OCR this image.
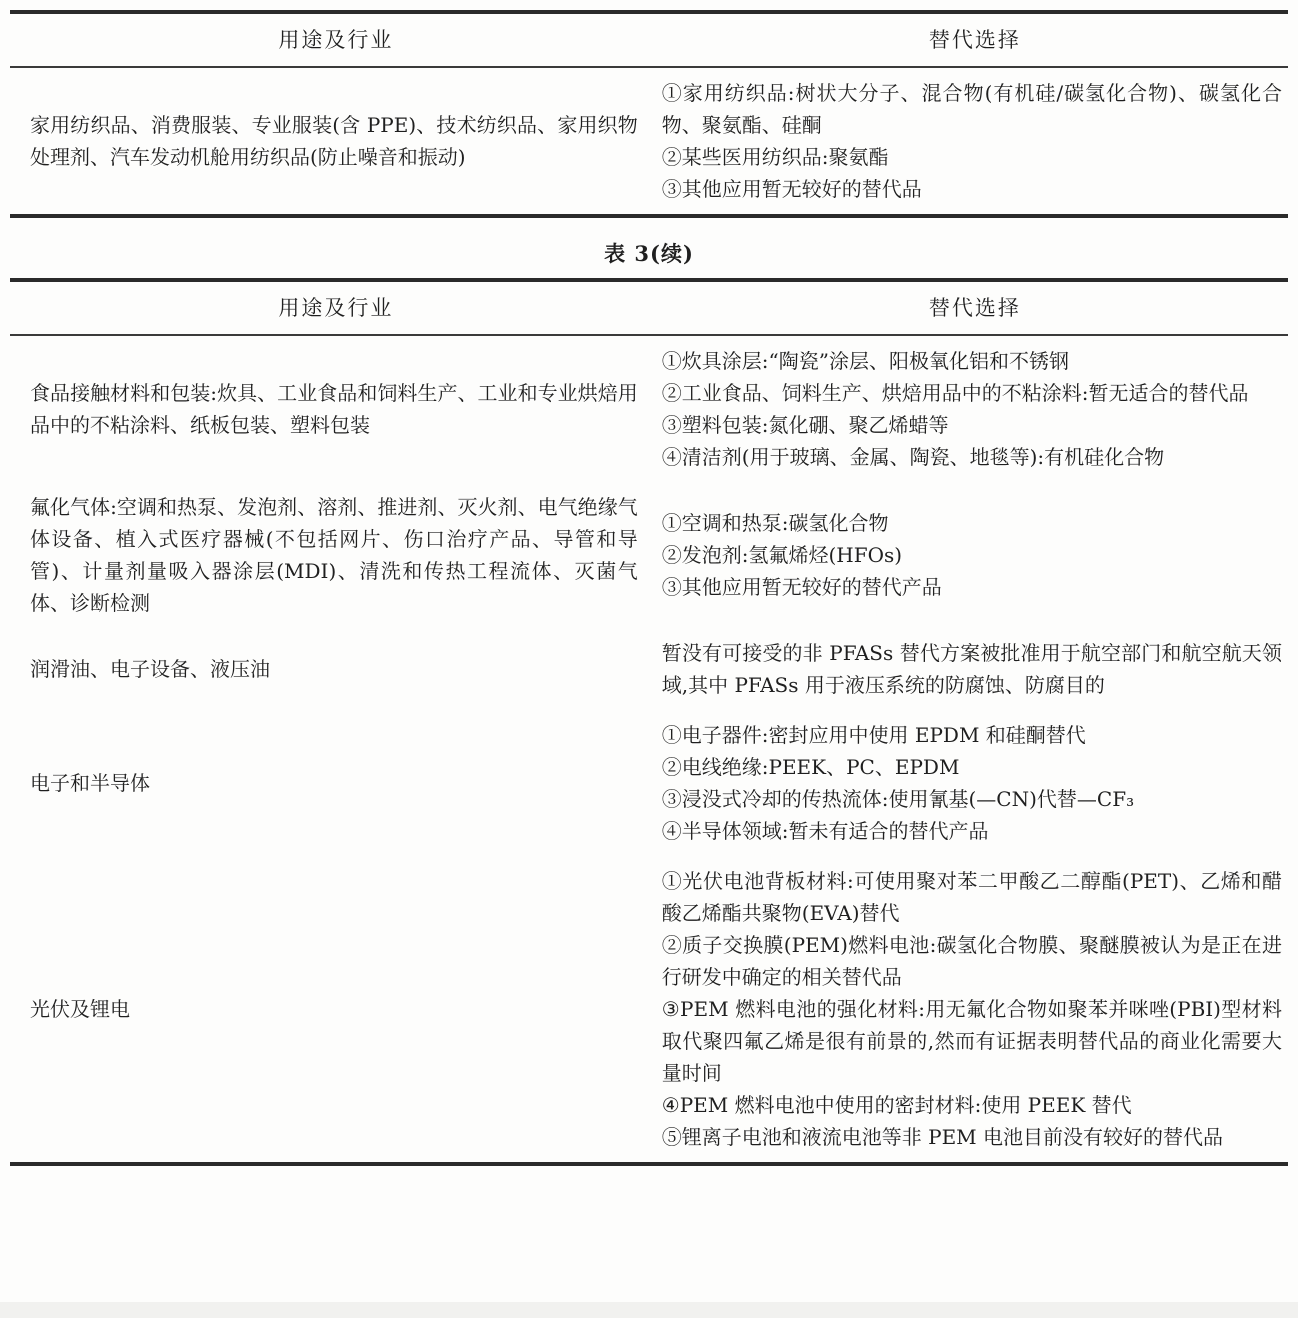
用途及行业	替代选择

家用纺织品、消费服装、专业服装(含 PPE)、技术纺织品、家用织物处理剂、汽车发动机舱用纺织品(防止噪音和振动)

①家用纺织品:树状大分子、混合物(有机硅/碳氢化合物)、碳氢化合物、聚氨酯、硅酮

②某些医用纺织品:聚氨酯

③其他应用暂无较好的替代品

表 3(续)
用途及行业	替代选择

食品接触材料和包装:炊具、工业食品和饲料生产、工业和专业烘焙用品中的不粘涂料、纸板包装、塑料包装

①炊具涂层:“陶瓷”涂层、阳极氧化铝和不锈钢

②工业食品、饲料生产、烘焙用品中的不粘涂料:暂无适合的替代品

③塑料包装:氮化硼、聚乙烯蜡等

④清洁剂(用于玻璃、金属、陶瓷、地毯等):有机硅化合物

氟化气体:空调和热泵、发泡剂、溶剂、推进剂、灭火剂、电气绝缘气体设备、植入式医疗器械(不包括网片、伤口治疗产品、导管和导管)、计量剂量吸入器涂层(MDI)、清洗和传热工程流体、灭菌气体、诊断检测

①空调和热泵:碳氢化合物

②发泡剂:氢氟烯烃(HFOs)

③其他应用暂无较好的替代产品

润滑油、电子设备、液压油

暂没有可接受的非 PFASs 替代方案被批准用于航空部门和航空航天领域,其中 PFASs 用于液压系统的防腐蚀、防腐目的

电子和半导体

①电子器件:密封应用中使用 EPDM 和硅酮替代

②电线绝缘:PEEK、PC、EPDM

③浸没式冷却的传热流体:使用氰基(—CN)代替—CF₃

④半导体领域:暂未有适合的替代产品

光伏及锂电

①光伏电池背板材料:可使用聚对苯二甲酸乙二醇酯(PET)、乙烯和醋酸乙烯酯共聚物(EVA)替代

②质子交换膜(PEM)燃料电池:碳氢化合物膜、聚醚膜被认为是正在进行研发中确定的相关替代品

③PEM 燃料电池的强化材料:用无氟化合物如聚苯并咪唑(PBI)型材料取代聚四氟乙烯是很有前景的,然而有证据表明替代品的商业化需要大量时间

④PEM 燃料电池中使用的密封材料:使用 PEEK 替代

⑤锂离子电池和液流电池等非 PEM 电池目前没有较好的替代品
